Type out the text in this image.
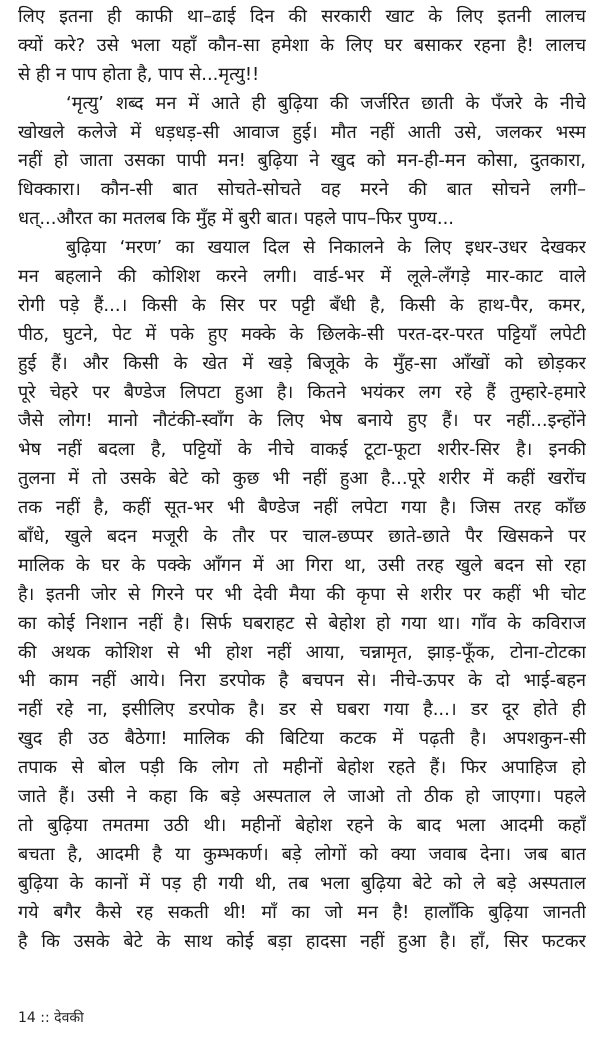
लिए इतना ही काफी था–ढाई दिन की सरकारी खाट के लिए इतनी लालच
क्यों करे? उसे भला यहाँ कौन-सा हमेशा के लिए घर बसाकर रहना है! लालच
से ही न पाप होता है, पाप से...मृत्यु!!
‘मृत्यु’ शब्द मन में आते ही बुढ़िया की जर्जरित छाती के पँजरे के नीचे
खोखले कलेजे में धड़धड़-सी आवाज हुई। मौत नहीं आती उसे, जलकर भस्म
नहीं हो जाता उसका पापी मन! बुढ़िया ने खुद को मन-ही-मन कोसा, दुतकारा,
धिक्कारा। कौन-सी बात सोचते-सोचते वह मरने की बात सोचने लगी–
धत्...औरत का मतलब कि मुँह में बुरी बात। पहले पाप–फिर पुण्य...
बुढ़िया ‘मरण’ का खयाल दिल से निकालने के लिए इधर-उधर देखकर
मन बहलाने की कोशिश करने लगी। वार्ड-भर में लूले-लँगड़े मार-काट वाले
रोगी पड़े हैं...। किसी के सिर पर पट्टी बँधी है, किसी के हाथ-पैर, कमर,
पीठ, घुटने, पेट में पके हुए मक्के के छिलके-सी परत-दर-परत पट्टियाँ लपेटी
हुई हैं। और किसी के खेत में खड़े बिजूके के मुँह-सा आँखों को छोड़कर
पूरे चेहरे पर बैण्डेज लिपटा हुआ है। कितने भयंकर लग रहे हैं तुम्हारे-हमारे
जैसे लोग! मानो नौटंकी-स्वाँग के लिए भेष बनाये हुए हैं। पर नहीं...इन्होंने
भेष नहीं बदला है, पट्टियों के नीचे वाकई टूटा-फूटा शरीर-सिर है। इनकी
तुलना में तो उसके बेटे को कुछ भी नहीं हुआ है...पूरे शरीर में कहीं खरोंच
तक नहीं है, कहीं सूत-भर भी बैण्डेज नहीं लपेटा गया है। जिस तरह काँछ
बाँधे, खुले बदन मजूरी के तौर पर चाल-छप्पर छाते-छाते पैर खिसकने पर
मालिक के घर के पक्के आँगन में आ गिरा था, उसी तरह खुले बदन सो रहा
है। इतनी जोर से गिरने पर भी देवी मैया की कृपा से शरीर पर कहीं भी चोट
का कोई निशान नहीं है। सिर्फ घबराहट से बेहोश हो गया था। गाँव के कविराज
की अथक कोशिश से भी होश नहीं आया, चन्नामृत, झाड़-फूँक, टोना-टोटका
भी काम नहीं आये। निरा डरपोक है बचपन से। नीचे-ऊपर के दो भाई-बहन
नहीं रहे ना, इसीलिए डरपोक है। डर से घबरा गया है...। डर दूर होते ही
खुद ही उठ बैठेगा! मालिक की बिटिया कटक में पढ़ती है। अपशकुन-सी
तपाक से बोल पड़ी कि लोग तो महीनों बेहोश रहते हैं। फिर अपाहिज हो
जाते हैं। उसी ने कहा कि बड़े अस्पताल ले जाओ तो ठीक हो जाएगा। पहले
तो बुढ़िया तमतमा उठी थी। महीनों बेहोश रहने के बाद भला आदमी कहाँ
बचता है, आदमी है या कुम्भकर्ण। बड़े लोगों को क्या जवाब देना। जब बात
बुढ़िया के कानों में पड़ ही गयी थी, तब भला बुढ़िया बेटे को ले बड़े अस्पताल
गये बगैर कैसे रह सकती थी! माँ का जो मन है! हालाँकि बुढ़िया जानती
है कि उसके बेटे के साथ कोई बड़ा हादसा नहीं हुआ है। हाँ, सिर फटकर
14 :: देवकी
